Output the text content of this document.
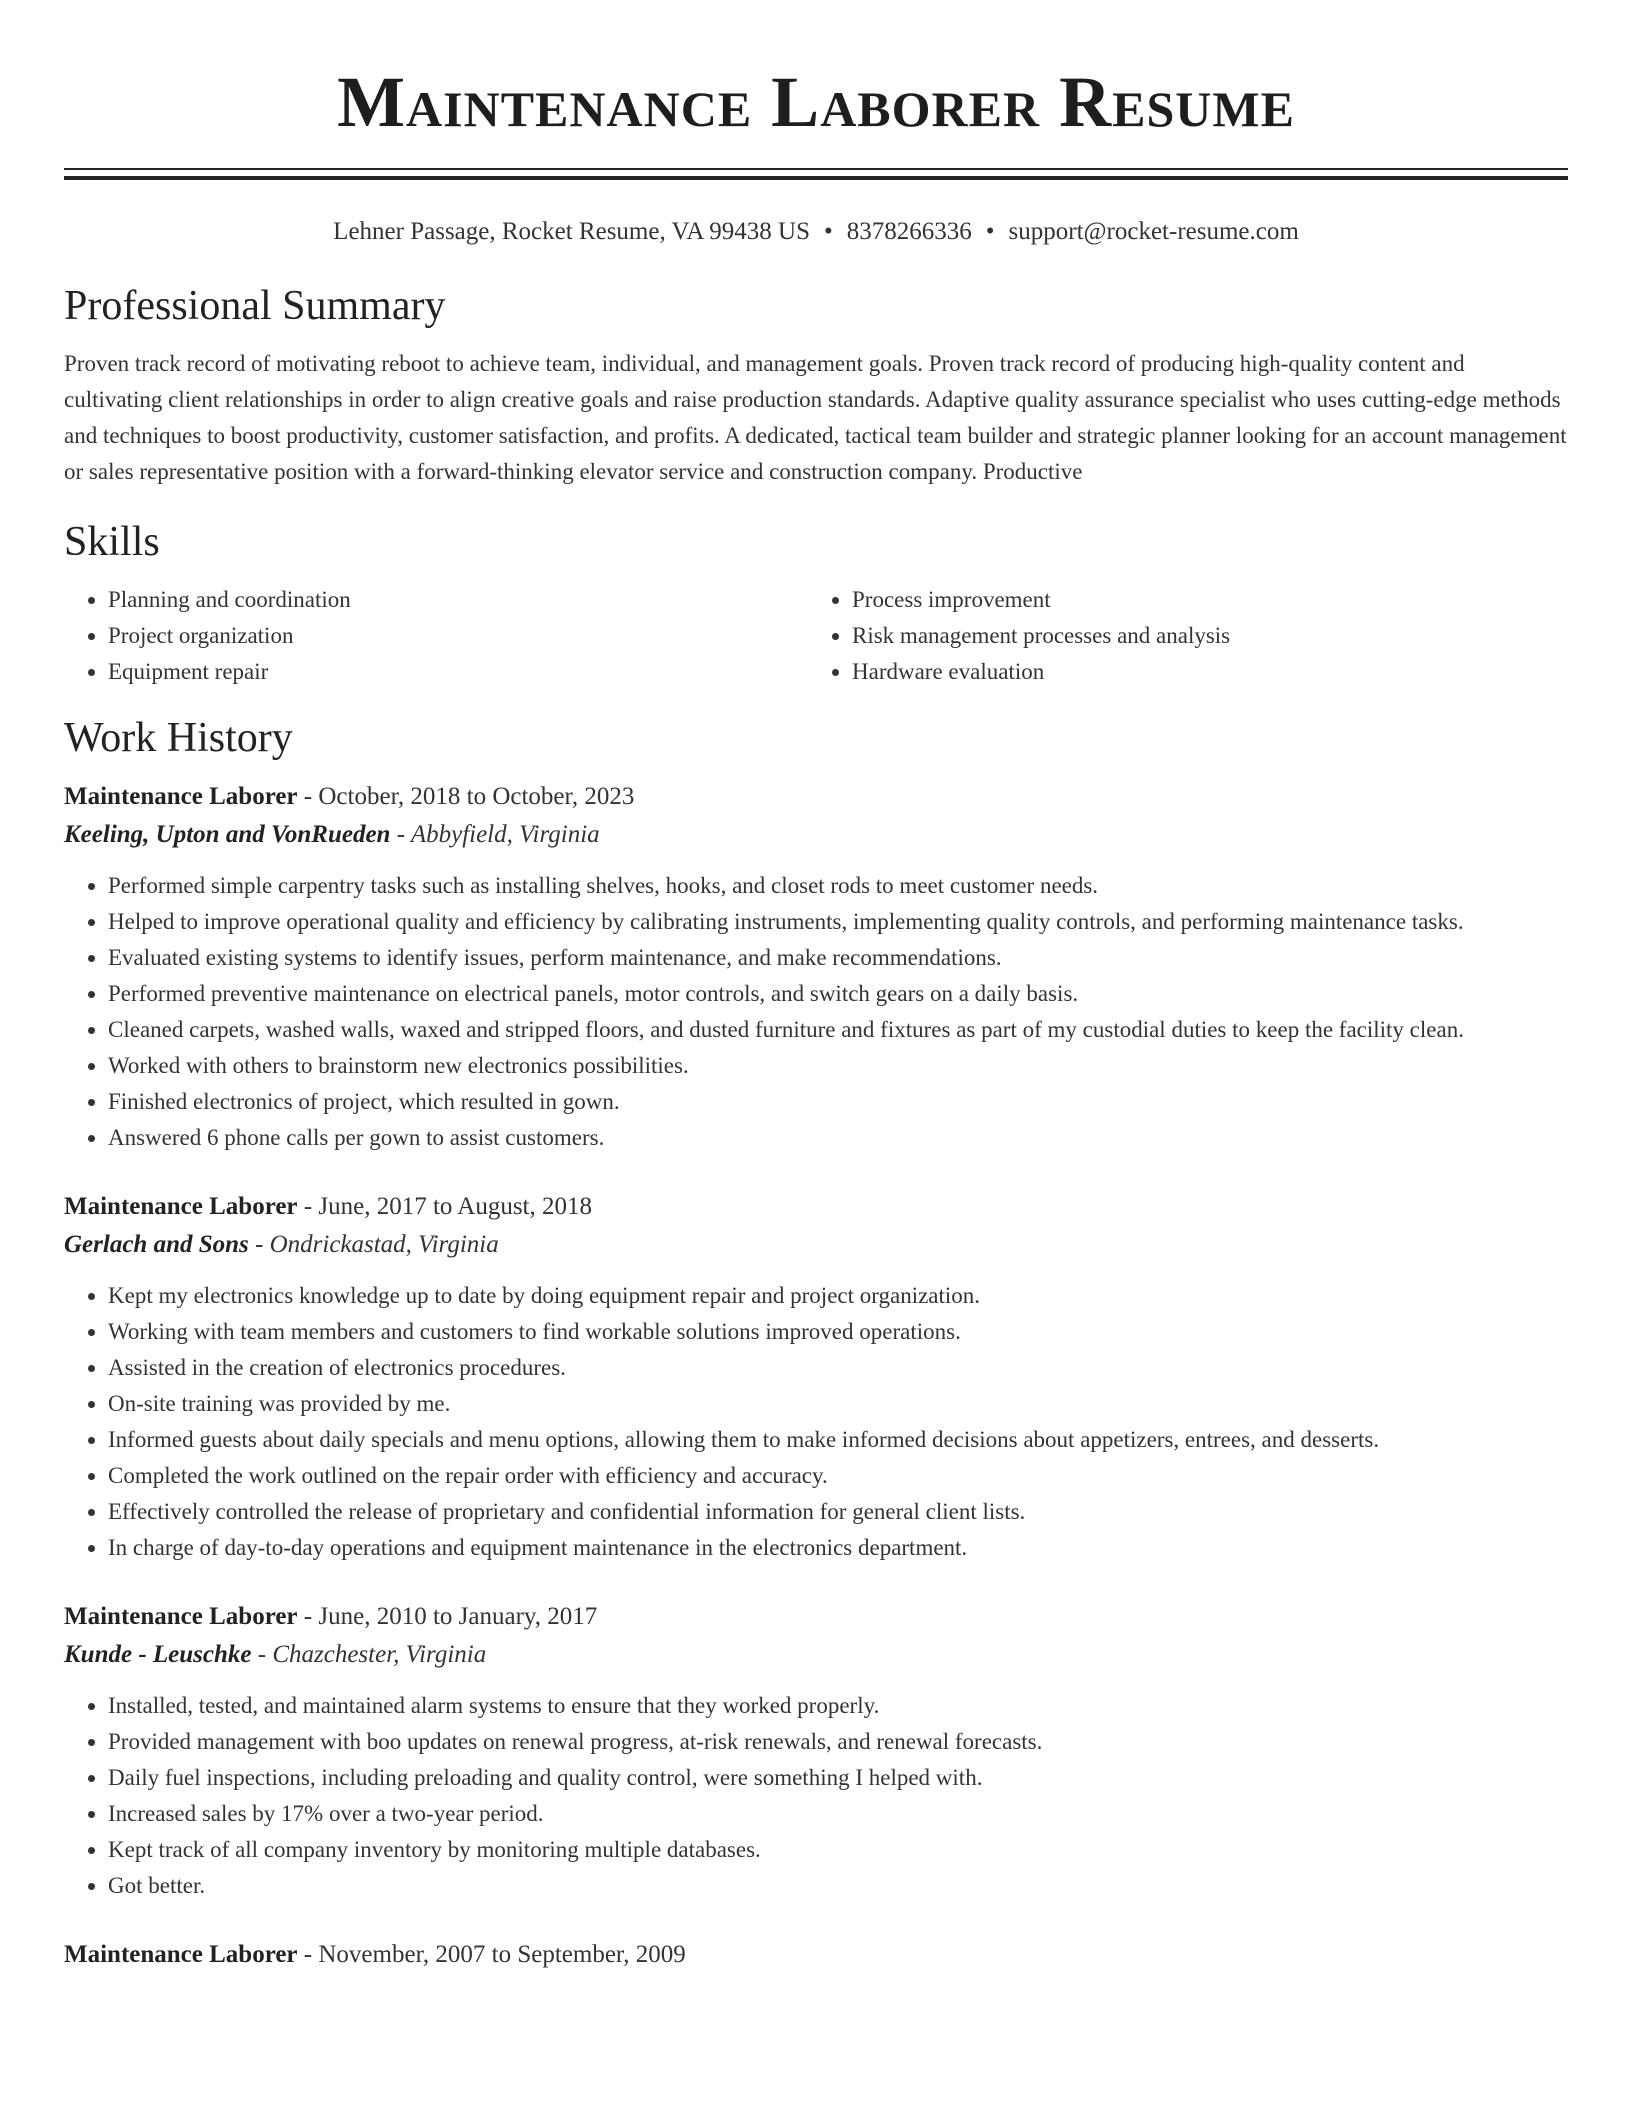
Maintenance Laborer Resume
Lehner Passage, Rocket Resume, VA 99438 US • 8378266336 • support@rocket-resume.com
Professional Summary
Proven track record of motivating reboot to achieve team, individual, and management goals. Proven track record of producing high-quality content and cultivating client relationships in order to align creative goals and raise production standards. Adaptive quality assurance specialist who uses cutting-edge methods and techniques to boost productivity, customer satisfaction, and profits. A dedicated, tactical team builder and strategic planner looking for an account management or sales representative position with a forward-thinking elevator service and construction company. Productive
Skills
• Planning and coordination
• Project organization
• Equipment repair
• Process improvement
• Risk management processes and analysis
• Hardware evaluation
Work History
Maintenance Laborer - October, 2018 to October, 2023
Keeling, Upton and VonRueden - Abbyfield, Virginia
• Performed simple carpentry tasks such as installing shelves, hooks, and closet rods to meet customer needs.
• Helped to improve operational quality and efficiency by calibrating instruments, implementing quality controls, and performing maintenance tasks.
• Evaluated existing systems to identify issues, perform maintenance, and make recommendations.
• Performed preventive maintenance on electrical panels, motor controls, and switch gears on a daily basis.
• Cleaned carpets, washed walls, waxed and stripped floors, and dusted furniture and fixtures as part of my custodial duties to keep the facility clean.
• Worked with others to brainstorm new electronics possibilities.
• Finished electronics of project, which resulted in gown.
• Answered 6 phone calls per gown to assist customers.
Maintenance Laborer - June, 2017 to August, 2018
Gerlach and Sons - Ondrickastad, Virginia
• Kept my electronics knowledge up to date by doing equipment repair and project organization.
• Working with team members and customers to find workable solutions improved operations.
• Assisted in the creation of electronics procedures.
• On-site training was provided by me.
• Informed guests about daily specials and menu options, allowing them to make informed decisions about appetizers, entrees, and desserts.
• Completed the work outlined on the repair order with efficiency and accuracy.
• Effectively controlled the release of proprietary and confidential information for general client lists.
• In charge of day-to-day operations and equipment maintenance in the electronics department.
Maintenance Laborer - June, 2010 to January, 2017
Kunde - Leuschke - Chazchester, Virginia
• Installed, tested, and maintained alarm systems to ensure that they worked properly.
• Provided management with boo updates on renewal progress, at-risk renewals, and renewal forecasts.
• Daily fuel inspections, including preloading and quality control, were something I helped with.
• Increased sales by 17% over a two-year period.
• Kept track of all company inventory by monitoring multiple databases.
• Got better.
Maintenance Laborer - November, 2007 to September, 2009
